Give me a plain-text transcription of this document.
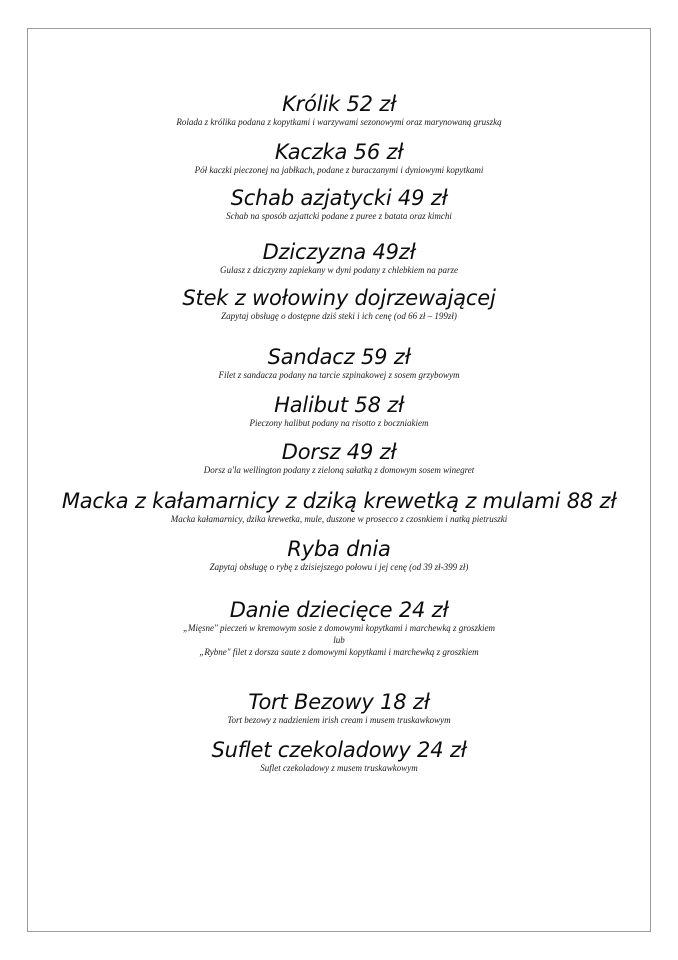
Królik 52 zł
Rolada z królika podana z kopytkami i warzywami sezonowymi oraz marynowaną gruszką
Kaczka 56 zł
Pół kaczki pieczonej na jabłkach, podane z buraczanymi i dyniowymi kopytkami
Schab azjatycki 49 zł
Schab na sposób azjattcki podane z puree z batata oraz kimchi
Dziczyzna 49zł
Gulasz z dziczyzny zapiekany w dyni podany z chlebkiem na parze
Stek z wołowiny dojrzewającej
Zapytaj obsługę o dostępne dziś steki i ich cenę (od 66 zł – 199zł)
Sandacz 59 zł
Filet z sandacza podany na tarcie szpinakowej z sosem grzybowym
Halibut 58 zł
Pieczony halibut podany na risotto z boczniakiem
Dorsz 49 zł
Dorsz a'la wellington podany z zieloną sałatką z domowym sosem winegret
Macka z kałamarnicy z dziką krewetką z mulami 88 zł
Macka kałamarnicy, dzika krewetka, mule, duszone w prosecco z czosnkiem i natką pietruszki
Ryba dnia
Zapytaj obsługę o rybę z dzisiejszego połowu i jej cenę (od 39 zł-399 zł)
Danie dziecięce 24 zł
„Mięsne" pieczeń w kremowym sosie z domowymi kopytkami i marchewką z groszkiem
lub
„Rybne" filet z dorsza saute z domowymi kopytkami i marchewką z groszkiem
Tort Bezowy 18 zł
Tort bezowy z nadzieniem irish cream i musem truskawkowym
Suflet czekoladowy 24 zł
Suflet czekoladowy z musem truskawkowym
